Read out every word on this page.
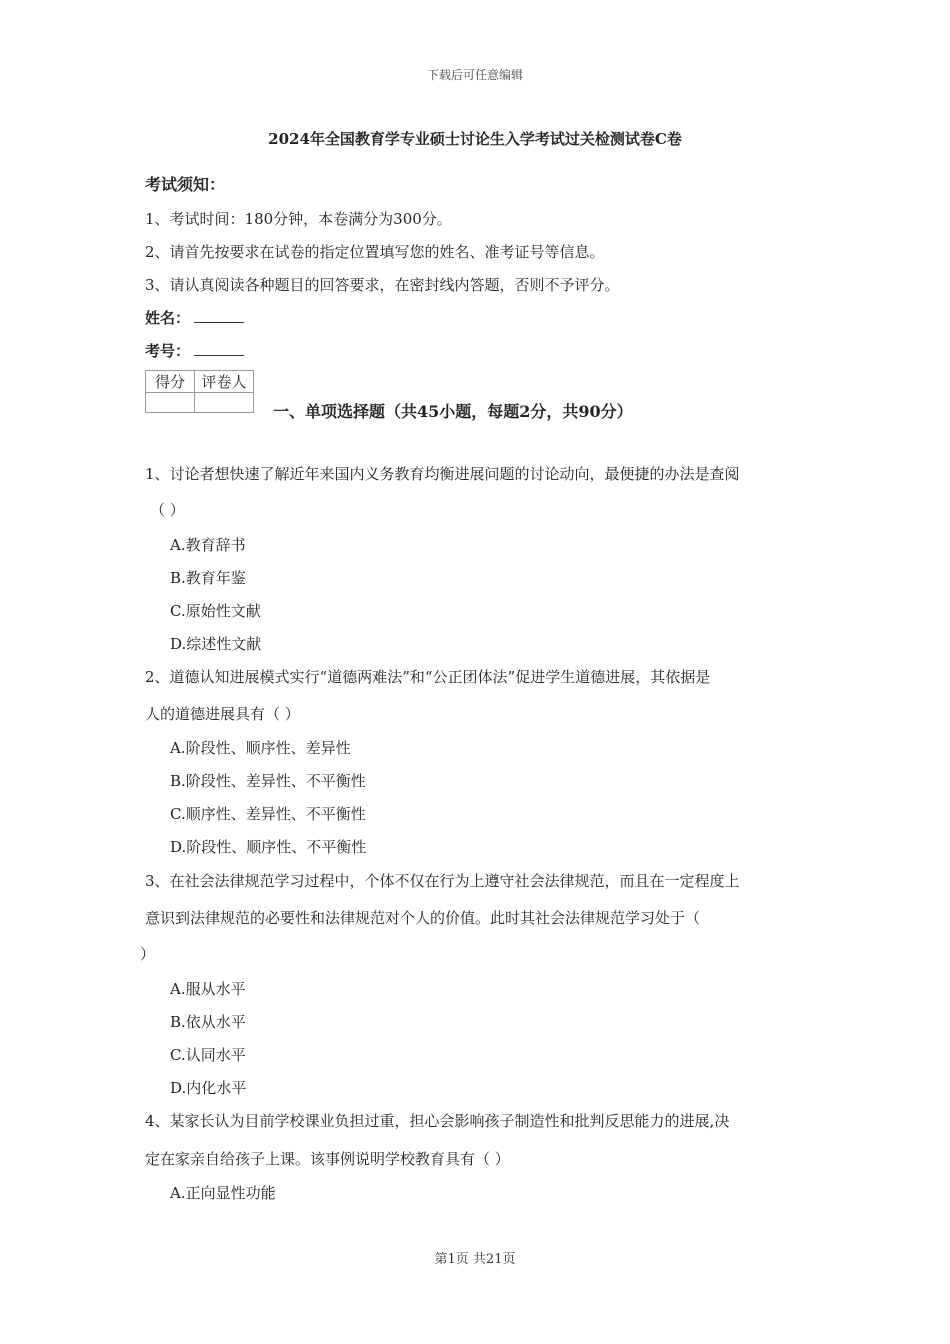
下载后可任意编辑
2024年全国教育学专业硕士讨论生入学考试过关检测试卷C卷
考试须知：
1、考试时间：180分钟，本卷满分为300分。
2、请首先按要求在试卷的指定位置填写您的姓名、准考证号等信息。
3、请认真阅读各种题目的回答要求，在密封线内答题，否则不予评分。
姓名：
考号：
得分	评卷人

一、单项选择题（共45小题，每题2分，共90分）
1、讨论者想快速了解近年来国内义务教育均衡进展问题的讨论动向，最便捷的办法是查阅
（ ）
A.教育辞书
B.教育年鉴
C.原始性文献
D.综述性文献
2、道德认知进展模式实行“道德两难法”和“公正团体法”促进学生道德进展，其依据是
人的道德进展具有（ ）
A.阶段性、顺序性、差异性
B.阶段性、差异性、不平衡性
C.顺序性、差异性、不平衡性
D.阶段性、顺序性、不平衡性
3、在社会法律规范学习过程中，个体不仅在行为上遵守社会法律规范，而且在一定程度上
意识到法律规范的必要性和法律规范对个人的价值。此时其社会法律规范学习处于（
）
A.服从水平
B.依从水平
C.认同水平
D.内化水平
4、某家长认为目前学校课业负担过重，担心会影响孩子制造性和批判反思能力的进展,决
定在家亲自给孩子上课。该事例说明学校教育具有（ ）
A.正向显性功能
第1页 共21页
